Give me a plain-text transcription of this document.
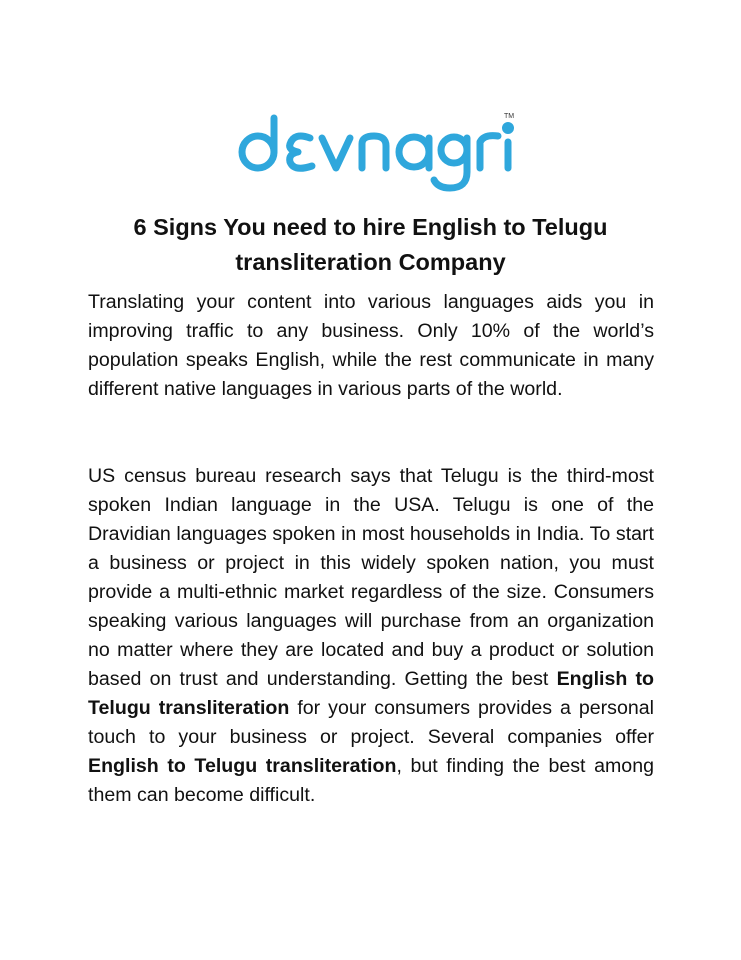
TM
6 Signs You need to hire English to Telugu
transliteration Company

Translating your content into various languages aids you in improving traffic to any business. Only 10% of the world’s population speaks English, while the rest communicate in many different native languages in various parts of the world.

US census bureau research says that Telugu is the third-most spoken Indian language in the USA. Telugu is one of the Dravidian languages spoken in most households in India. To start a business or project in this widely spoken nation, you must provide a multi-ethnic market regardless of the size. Consumers speaking various languages will purchase from an organization no matter where they are located and buy a product or solution based on trust and understanding. Getting the best English to Telugu transliteration for your consumers provides a personal touch to your business or project. Several companies offer English to Telugu transliteration, but finding the best among them can become difficult.
